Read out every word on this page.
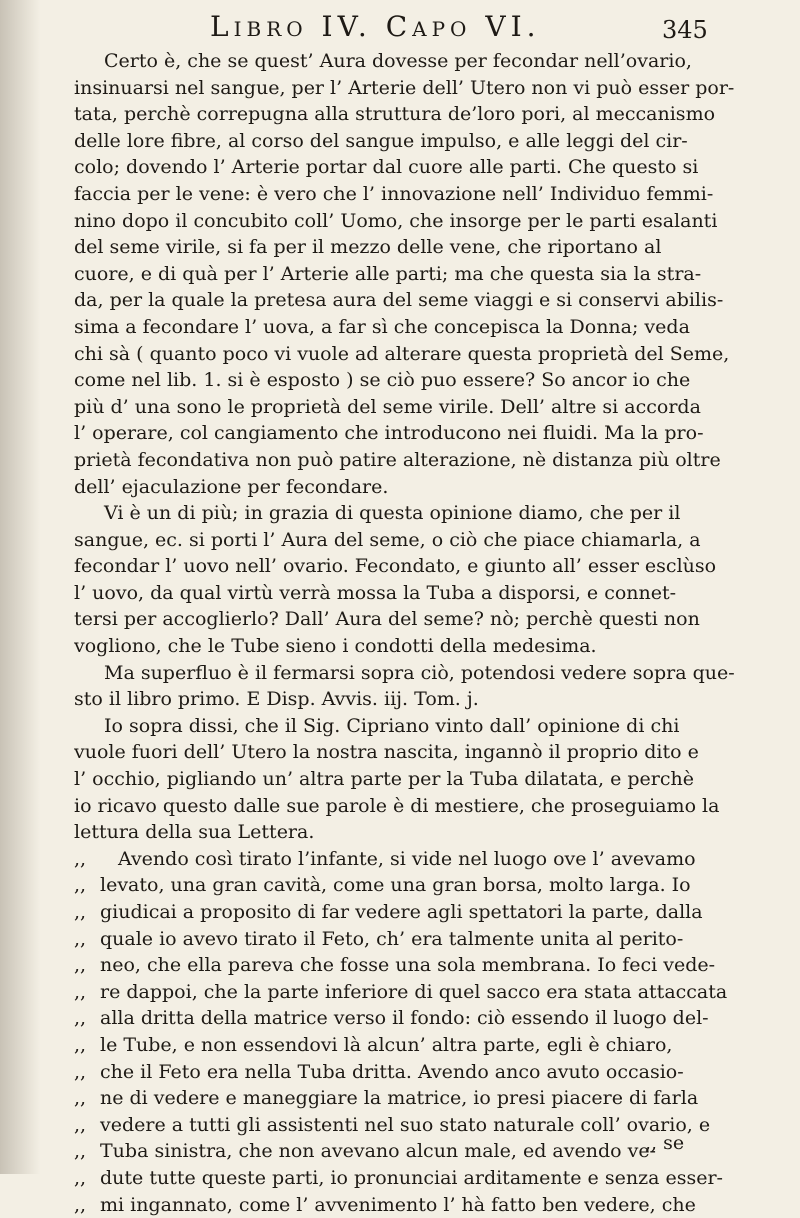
Libro IV. Capo VI.	345
Certo è, che se quest’ Aura dovesse per fecondar nell’ovario,
insinuarsi nel sangue, per l’ Arterie dell’ Utero non vi può esser por-
tata, perchè correpugna alla struttura de’loro pori, al meccanismo
delle lore fibre, al corso del sangue impulso, e alle leggi del cir-
colo; dovendo l’ Arterie portar dal cuore alle parti. Che questo si
faccia per le vene: è vero che l’ innovazione nell’ Individuo femmi-
nino dopo il concubito coll’ Uomo, che insorge per le parti esalanti
del seme virile, si fa per il mezzo delle vene, che riportano al
cuore, e di quà per l’ Arterie alle parti; ma che questa sia la stra-
da, per la quale la pretesa aura del seme viaggi e si conservi abilis-
sima a fecondare l’ uova, a far sì che concepisca la Donna; veda
chi sà ( quanto poco vi vuole ad alterare questa proprietà del Seme,
come nel lib. 1. si è esposto ) se ciò puo essere? So ancor io che
più d’ una sono le proprietà del seme virile. Dell’ altre si accorda
l’ operare, col cangiamento che introducono nei fluidi. Ma la pro-
prietà fecondativa non può patire alterazione, nè distanza più oltre
dell’ ejaculazione per fecondare.
Vi è un di più; in grazia di questa opinione diamo, che per il
sangue, ec. si porti l’ Aura del seme, o ciò che piace chiamarla, a
fecondar l’ uovo nell’ ovario. Fecondato, e giunto all’ esser esclùso
l’ uovo, da qual virtù verrà mossa la Tuba a disporsi, e connet-
tersi per accoglierlo? Dall’ Aura del seme? nò; perchè questi non
vogliono, che le Tube sieno i condotti della medesima.
Ma superfluo è il fermarsi sopra ciò, potendosi vedere sopra que-
sto il libro primo. E Disp. Avvis. iij. Tom. j.
Io sopra dissi, che il Sig. Cipriano vinto dall’ opinione di chi
vuole fuori dell’ Utero la nostra nascita, ingannò il proprio dito e
l’ occhio, pigliando un’ altra parte per la Tuba dilatata, e perchè
io ricavo questo dalle sue parole è di mestiere, che proseguiamo la
lettura della sua Lettera.
,, Avendo così tirato l’infante, si vide nel luogo ove l’ avevamo
,, levato, una gran cavità, come una gran borsa, molto larga. Io
,, giudicai a proposito di far vedere agli spettatori la parte, dalla
,, quale io avevo tirato il Feto, ch’ era talmente unita al perito-
,, neo, che ella pareva che fosse una sola membrana. Io feci vede-
,, re dappoi, che la parte inferiore di quel sacco era stata attaccata
,, alla dritta della matrice verso il fondo: ciò essendo il luogo del-
,, le Tube, e non essendovi là alcun’ altra parte, egli è chiaro,
,, che il Feto era nella Tuba dritta. Avendo anco avuto occasio-
,, ne di vedere e maneggiare la matrice, io presi piacere di farla
,, vedere a tutti gli assistenti nel suo stato naturale coll’ ovario, e
,, Tuba sinistra, che non avevano alcun male, ed avendo ve-
,, dute tutte queste parti, io pronunciai arditamente e senza esser-
,, mi ingannato, come l’ avvenimento l’ hà fatto ben vedere, che
,, se
